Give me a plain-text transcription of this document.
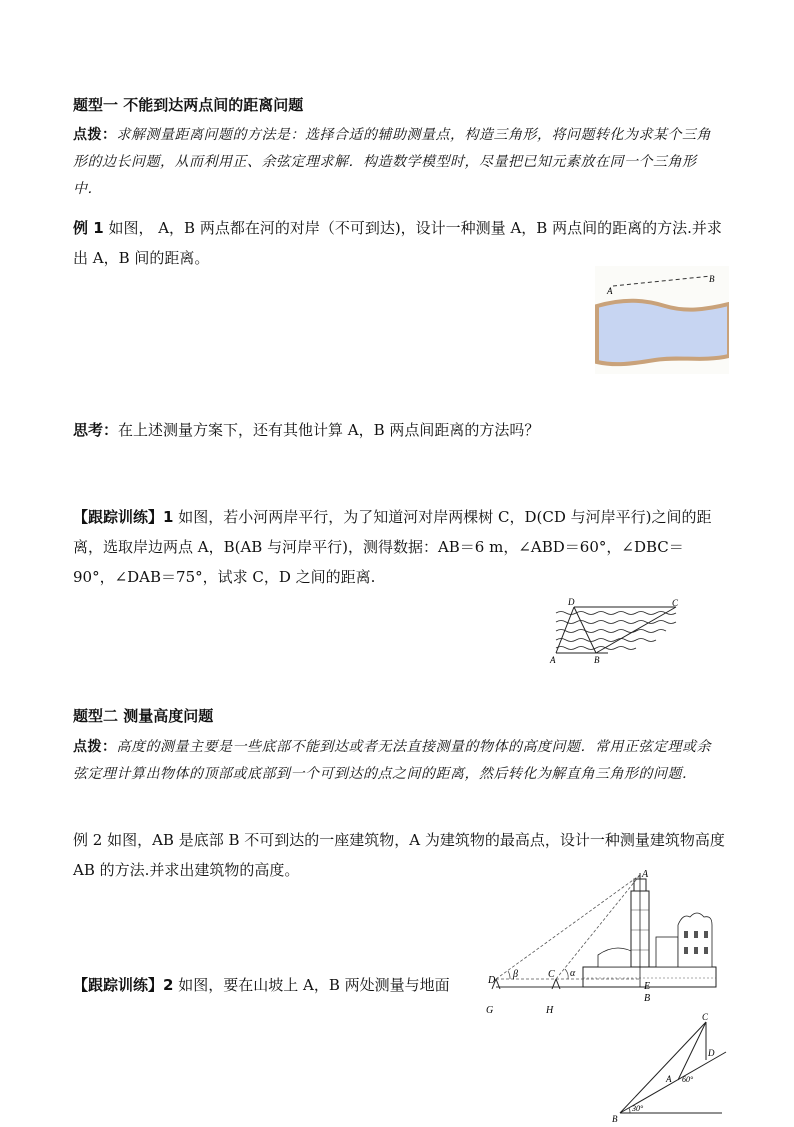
题型一 不能到达两点间的距离问题
点拨：求解测量距离问题的方法是：选择合适的辅助测量点，构造三角形，将问题转化为求某个三角形的边长问题，从而利用正、余弦定理求解．构造数学模型时，尽量把已知元素放在同一个三角形中．
例 1 如图， A，B 两点都在河的对岸（不可到达)，设计一种测量 A，B 两点间的距离的方法.并求出 A，B 间的距离。
A
B
思考：在上述测量方案下，还有其他计算 A，B 两点间距离的方法吗？
【跟踪训练】1 如图，若小河两岸平行，为了知道河对岸两棵树 C，D(CD 与河岸平行)之间的距离，选取岸边两点 A，B(AB 与河岸平行)，测得数据：AB＝6 m，∠ABD＝60°，∠DBC＝90°，∠DAB＝75°，试求 C，D 之间的距离.
D	C
A	B
题型二 测量高度问题
点拨：高度的测量主要是一些底部不能到达或者无法直接测量的物体的高度问题．常用正弦定理或余弦定理计算出物体的顶部或底部到一个可到达的点之间的距离，然后转化为解直角三角形的问题．
例 2 如图，AB 是底部 B 不可到达的一座建筑物，A 为建筑物的最高点，设计一种测量建筑物高度 AB 的方法.并求出建筑物的高度。
D
C
β	α
A
E
B
G	H
【跟踪训练】2 如图，要在山坡上 A，B 两处测量与地面
C
D
A 60°
B
30°
